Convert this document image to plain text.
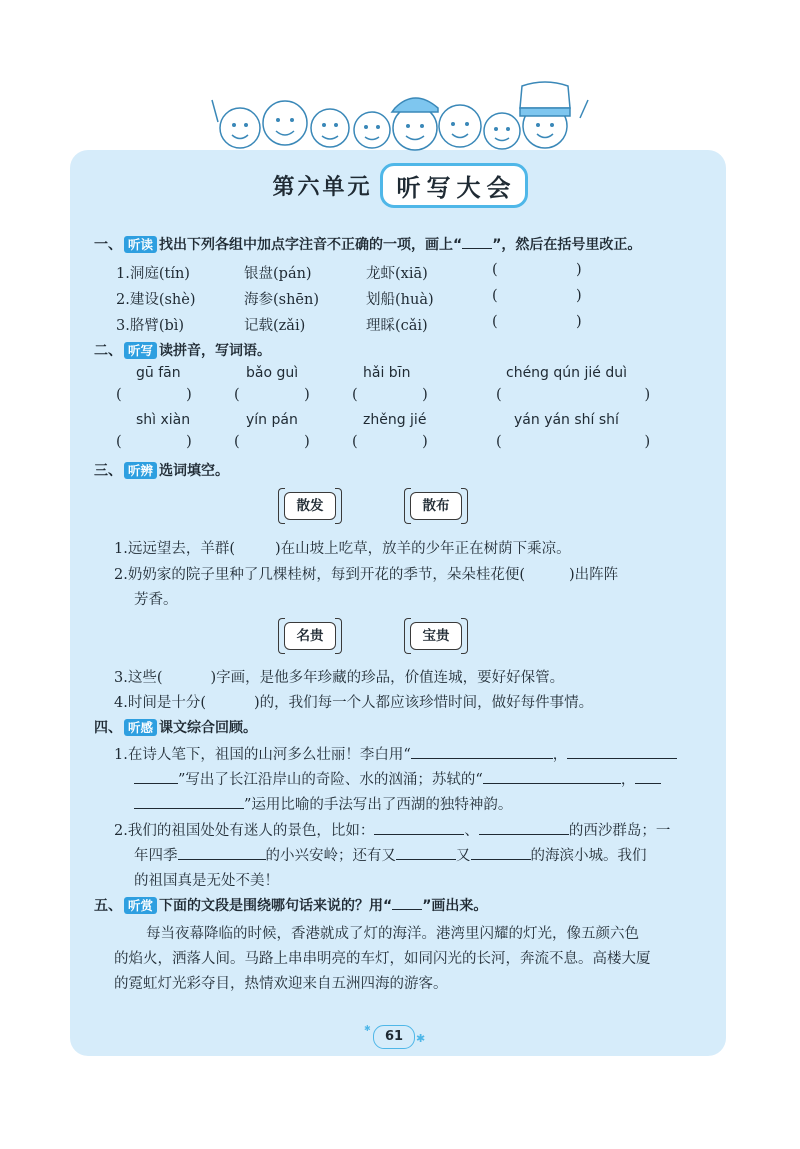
第六单元 听写大会
一、 听读 找出下列各组中加点字注音不正确的一项，画上“ ”，然后在括号里改正。
1.洞庭(tín)	银盘(pán)	龙虾(xiā)	(                 )
2.建设(shè)	海参(shēn)	划船(huà)	(                 )
3.胳臂(bì)	记载(zǎi)	理睬(cǎi)	(                 )
二、 听写 读拼音，写词语。
gū fān	bǎo guì	hǎi bīn	chéng qún jié duì
(              )	(              )	(              )	(                               )
shì xiàn	yín pán	zhěng jié	yán yán shí shí
(              )	(              )	(              )	(                               )
三、 听辨 选词填空。
散发	散布
1.远远望去，羊群(	)在山坡上吃草，放羊的少年正在树荫下乘凉。
2.奶奶家的院子里种了几棵桂树，每到开花的季节，朵朵桂花便(	)出阵阵
芳香。
名贵	宝贵
3.这些(	)字画，是他多年珍藏的珍品，价值连城，要好好保管。
4.时间是十分(	)的，我们每一个人都应该珍惜时间，做好每件事情。
四、 听感 课文综合回顾。
1.在诗人笔下，祖国的山河多么壮丽！李白用“	，
”写出了长江沿岸山的奇险、水的汹涌；苏轼的“	，
”运用比喻的手法写出了西湖的独特神韵。
2.我们的祖国处处有迷人的景色，比如：	、	的西沙群岛；一
年四季	的小兴安岭；还有又	又	的海滨小城。我们
的祖国真是无处不美！
五、 听赏 下面的文段是围绕哪句话来说的？用“ ”画出来。
每当夜幕降临的时候，香港就成了灯的海洋。港湾里闪耀的灯光，像五颜六色
的焰火，洒落人间。马路上串串明亮的车灯，如同闪光的长河，奔流不息。高楼大厦
的霓虹灯光彩夺目，热情欢迎来自五洲四海的游客。
61	✱
✱
